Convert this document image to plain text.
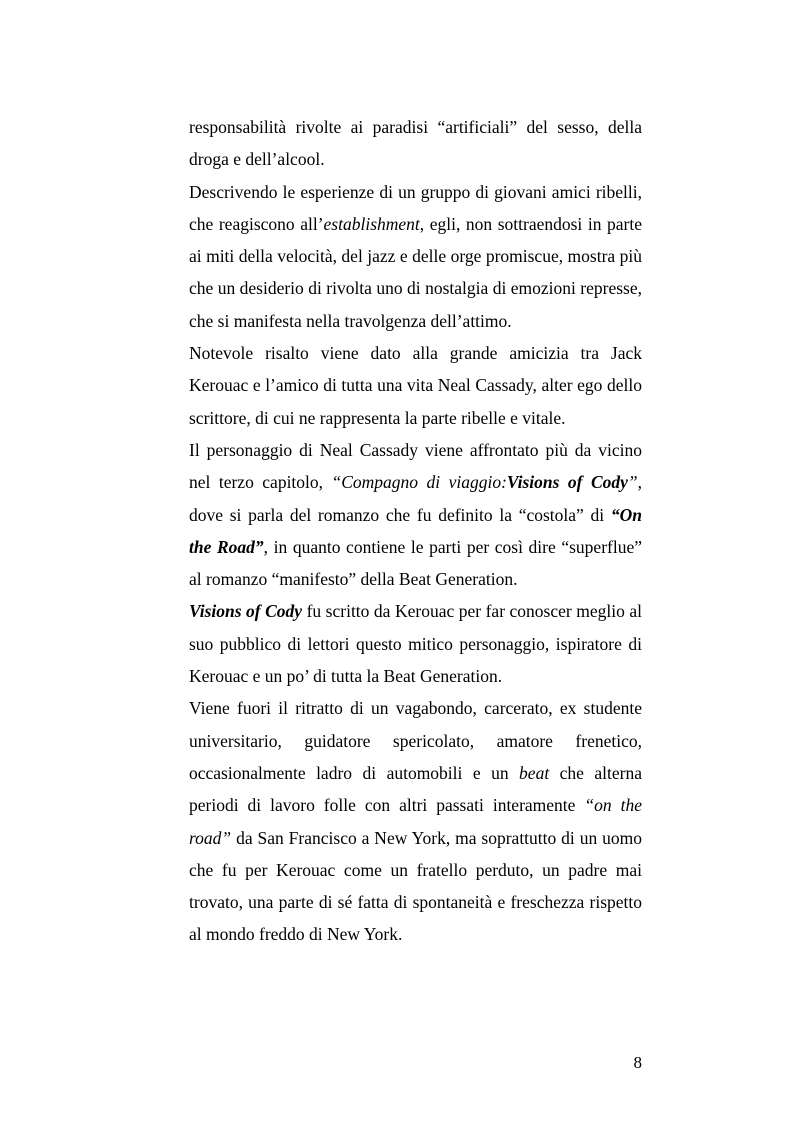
responsabilità rivolte ai paradisi “artificiali” del sesso, della droga e dell’alcool.

Descrivendo le esperienze di un gruppo di giovani amici ribelli, che reagiscono all’establishment, egli, non sottraendosi in parte ai miti della velocità, del jazz e delle orge promiscue, mostra più che un desiderio di rivolta uno di nostalgia di emozioni represse, che si manifesta nella travolgenza dell’attimo.

Notevole risalto viene dato alla grande amicizia tra Jack Kerouac e l’amico di tutta una vita Neal Cassady, alter ego dello scrittore, di cui ne rappresenta la parte ribelle e vitale.

Il personaggio di Neal Cassady viene affrontato più da vicino nel terzo capitolo, “Compagno di viaggio:Visions of Cody”, dove si parla del romanzo che fu definito la “costola” di “On the Road”, in quanto contiene le parti per così dire “superflue” al romanzo “manifesto” della Beat Generation.

Visions of Cody fu scritto da Kerouac per far conoscer meglio al suo pubblico di lettori questo mitico personaggio, ispiratore di Kerouac e un po’ di tutta la Beat Generation.

Viene fuori il ritratto di un vagabondo, carcerato, ex studente universitario, guidatore spericolato, amatore frenetico, occasionalmente ladro di automobili e un beat che alterna periodi di lavoro folle con altri passati interamente “on the road” da San Francisco a New York, ma soprattutto di un uomo che fu per Kerouac come un fratello perduto, un padre mai trovato, una parte di sé fatta di spontaneità e freschezza rispetto al mondo freddo di New York.

8
